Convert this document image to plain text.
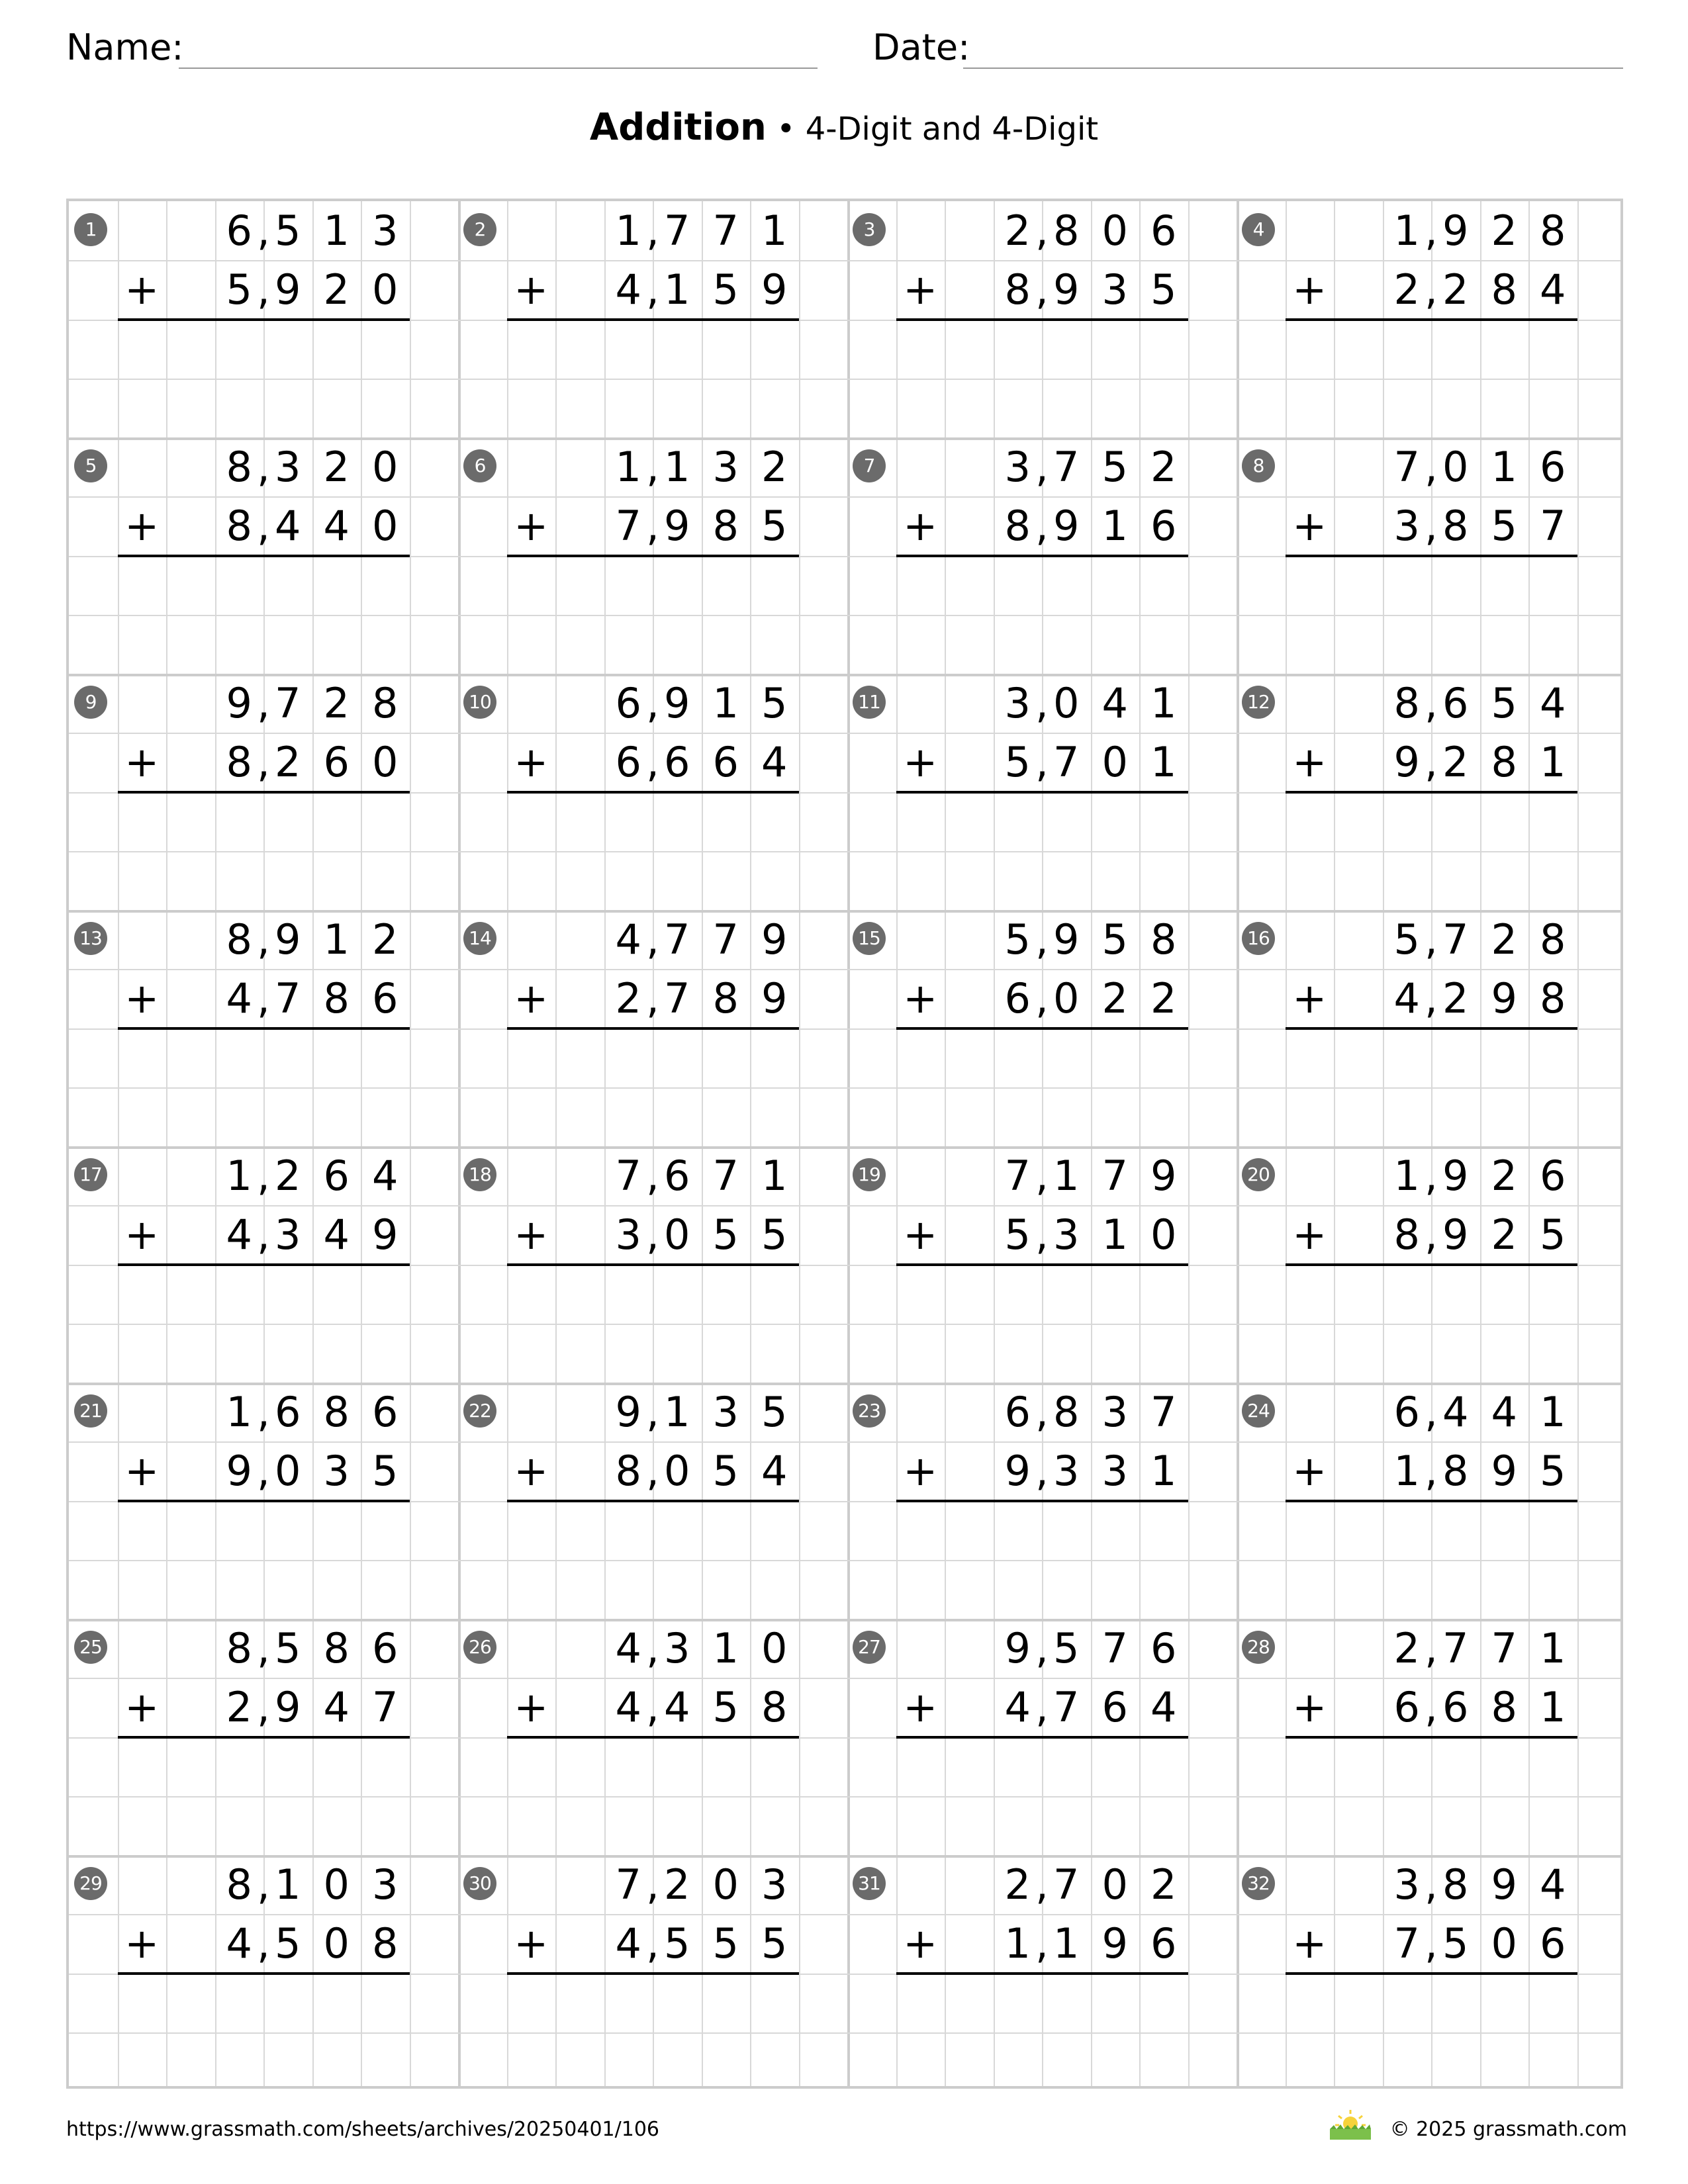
Name:	Date:
Addition • 4-Digit and 4-Digit
1	6 5 1 3
,
+ 5 9 2 0
,
2	1 7 7 1
,
+ 4 1 5 9
,
3	2 8 0 6
,
+ 8 9 3 5
,
4	1 9 2 8
,
+ 2 2 8 4
,
5	8 3 2 0
,
+ 8 4 4 0
,
6	1 1 3 2
,
+ 7 9 8 5
,
7	3 7 5 2
,
+ 8 9 1 6
,
8	7 0 1 6
,
+ 3 8 5 7
,
9	9 7 2 8
,
+ 8 2 6 0
,
10	6 9 1 5
,
+ 6 6 6 4
,
11	3 0 4 1
,
+ 5 7 0 1
,
12	8 6 5 4
,
+ 9 2 8 1
,
13	8 9 1 2
,
+ 4 7 8 6
,
14	4 7 7 9
,
+ 2 7 8 9
,
15	5 9 5 8
,
+ 6 0 2 2
,
16	5 7 2 8
,
+ 4 2 9 8
,
17	1 2 6 4
,
+ 4 3 4 9
,
18	7 6 7 1
,
+ 3 0 5 5
,
19	7 1 7 9
,
+ 5 3 1 0
,
20	1 9 2 6
,
+ 8 9 2 5
,
21	1 6 8 6
,
+ 9 0 3 5
,
22	9 1 3 5
,
+ 8 0 5 4
,
23	6 8 3 7
,
+ 9 3 3 1
,
24	6 4 4 1
,
+ 1 8 9 5
,
25	8 5 8 6
,
+ 2 9 4 7
,
26	4 3 1 0
,
+ 4 4 5 8
,
27	9 5 7 6
,
+ 4 7 6 4
,
28	2 7 7 1
,
+ 6 6 8 1
,
29	8 1 0 3
,
+ 4 5 0 8
,
30	7 2 0 3
,
+ 4 5 5 5
,
31	2 7 0 2
,
+ 1 1 9 6
,
32	3 8 9 4
,
+ 7 5 0 6
,
https://www.grassmath.com/sheets/archives/20250401/106	© 2025 grassmath.com
